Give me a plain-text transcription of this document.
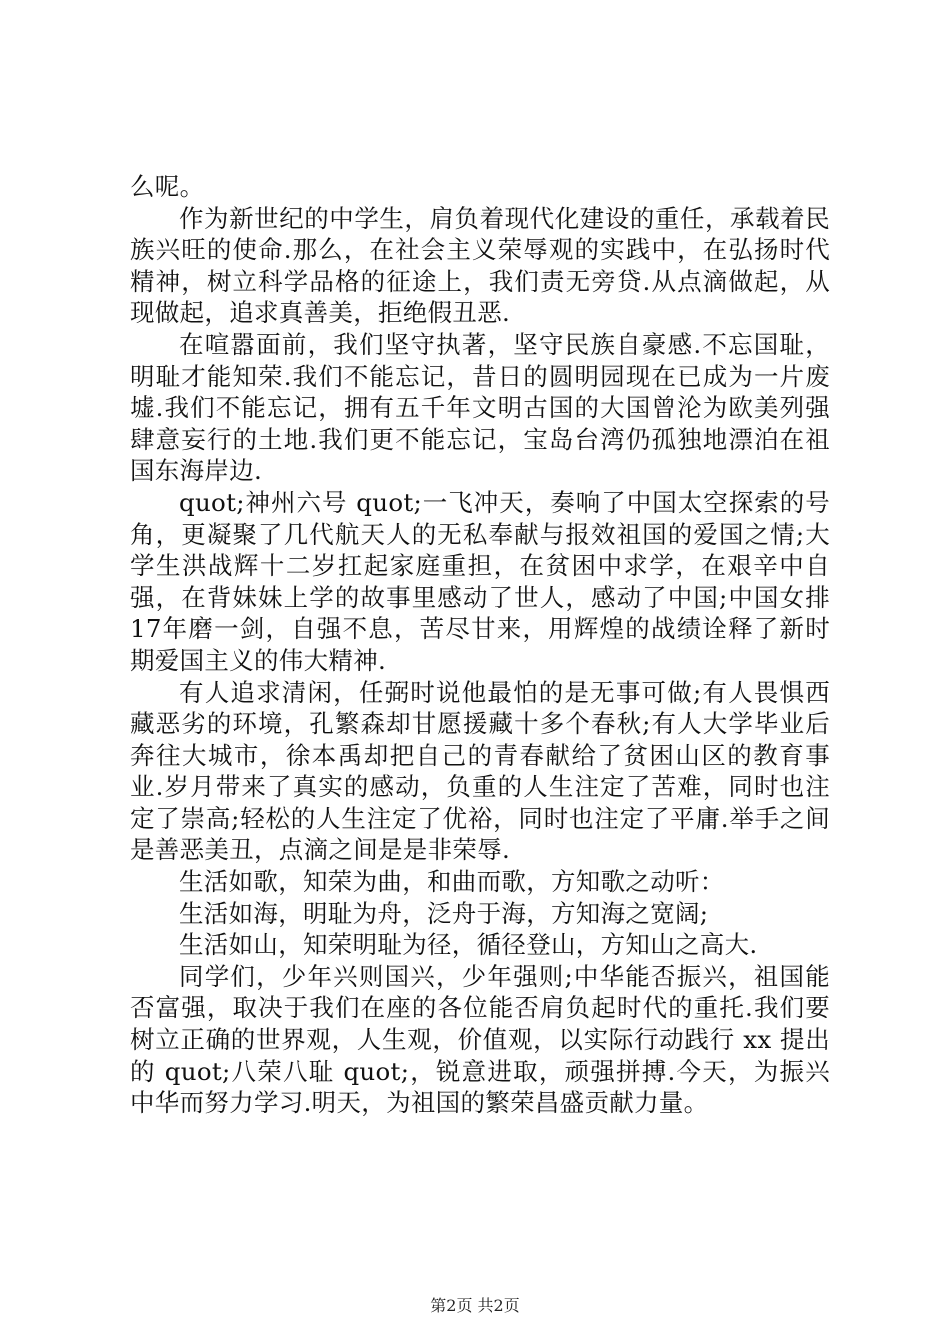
么呢。

作为新世纪的中学生，肩负着现代化建设的重任，承载着民族兴旺的使命.那么，在社会主义荣辱观的实践中，在弘扬时代精神，树立科学品格的征途上，我们责无旁贷.从点滴做起，从现做起，追求真善美，拒绝假丑恶.

在喧嚣面前，我们坚守执著，坚守民族自豪感.不忘国耻，明耻才能知荣.我们不能忘记，昔日的圆明园现在已成为一片废墟.我们不能忘记，拥有五千年文明古国的大国曾沦为欧美列强肆意妄行的土地.我们更不能忘记，宝岛台湾仍孤独地漂泊在祖国东海岸边.

quot;神州六号 quot;一飞冲天，奏响了中国太空探索的号角，更凝聚了几代航天人的无私奉献与报效祖国的爱国之情;大学生洪战辉十二岁扛起家庭重担，在贫困中求学，在艰辛中自强，在背妹妹上学的故事里感动了世人，感动了中国;中国女排17年磨一剑，自强不息，苦尽甘来，用辉煌的战绩诠释了新时期爱国主义的伟大精神.

有人追求清闲，任弼时说他最怕的是无事可做;有人畏惧西藏恶劣的环境，孔繁森却甘愿援藏十多个春秋;有人大学毕业后奔往大城市，徐本禹却把自己的青春献给了贫困山区的教育事业.岁月带来了真实的感动，负重的人生注定了苦难，同时也注定了崇高;轻松的人生注定了优裕，同时也注定了平庸.举手之间是善恶美丑，点滴之间是是非荣辱.

生活如歌，知荣为曲，和曲而歌，方知歌之动听：

生活如海，明耻为舟，泛舟于海，方知海之宽阔;

生活如山，知荣明耻为径，循径登山，方知山之高大.

同学们，少年兴则国兴，少年强则;中华能否振兴，祖国能否富强，取决于我们在座的各位能否肩负起时代的重托.我们要树立正确的世界观，人生观，价值观，以实际行动践行 xx 提出的 quot;八荣八耻 quot;，锐意进取，顽强拼搏.今天，为振兴中华而努力学习.明天，为祖国的繁荣昌盛贡献力量。

第2页 共2页
